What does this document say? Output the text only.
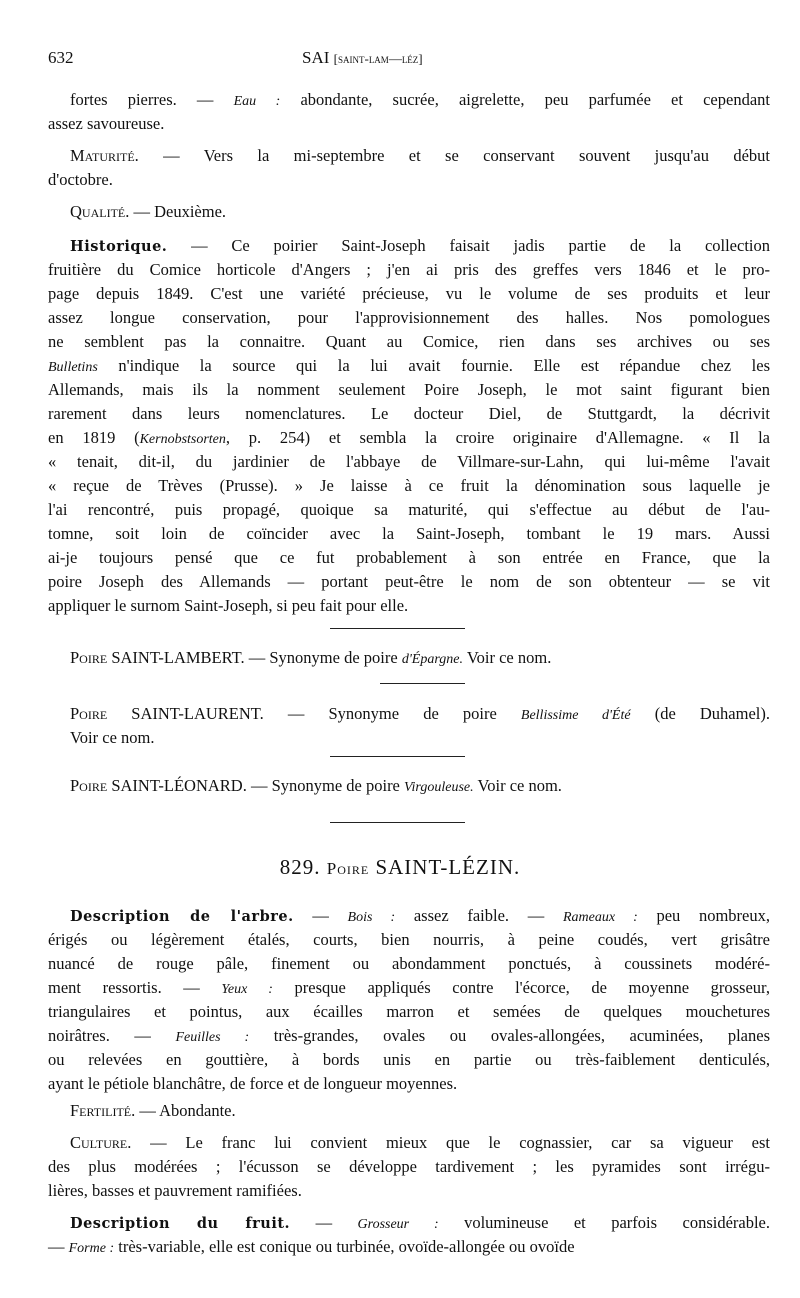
632	SAI [saint-lam—léz]
fortes pierres. — Eau : abondante, sucrée, aigrelette, peu parfumée et cependant
assez savoureuse.
Maturité. — Vers la mi-septembre et se conservant souvent jusqu'au début
d'octobre.
Qualité. — Deuxième.
Historique. — Ce poirier Saint-Joseph faisait jadis partie de la collection
fruitière du Comice horticole d'Angers ; j'en ai pris des greffes vers 1846 et le pro-
page depuis 1849. C'est une variété précieuse, vu le volume de ses produits et leur
assez longue conservation, pour l'approvisionnement des halles. Nos pomologues
ne semblent pas la connaitre. Quant au Comice, rien dans ses archives ou ses
Bulletins n'indique la source qui la lui avait fournie. Elle est répandue chez les
Allemands, mais ils la nomment seulement Poire Joseph, le mot saint figurant bien
rarement dans leurs nomenclatures. Le docteur Diel, de Stuttgardt, la décrivit
en 1819 (Kernobstsorten, p. 254) et sembla la croire originaire d'Allemagne. « Il la
« tenait, dit-il, du jardinier de l'abbaye de Villmare-sur-Lahn, qui lui-même l'avait
« reçue de Trèves (Prusse). » Je laisse à ce fruit la dénomination sous laquelle je
l'ai rencontré, puis propagé, quoique sa maturité, qui s'effectue au début de l'au-
tomne, soit loin de coïncider avec la Saint-Joseph, tombant le 19 mars. Aussi
ai-je toujours pensé que ce fut probablement à son entrée en France, que la
poire Joseph des Allemands — portant peut-être le nom de son obtenteur — se vit
appliquer le surnom Saint-Joseph, si peu fait pour elle.
Poire SAINT-LAMBERT. — Synonyme de poire d'Épargne. Voir ce nom.
Poire SAINT-LAURENT. — Synonyme de poire Bellissime d'Été (de Duhamel).
Voir ce nom.
Poire SAINT-LÉONARD. — Synonyme de poire Virgouleuse. Voir ce nom.
829. Poire SAINT-LÉZIN.
Description de l'arbre. — Bois : assez faible. — Rameaux : peu nombreux,
érigés ou légèrement étalés, courts, bien nourris, à peine coudés, vert grisâtre
nuancé de rouge pâle, finement ou abondamment ponctués, à coussinets modéré-
ment ressortis. — Yeux : presque appliqués contre l'écorce, de moyenne grosseur,
triangulaires et pointus, aux écailles marron et semées de quelques mouchetures
noirâtres. — Feuilles : très-grandes, ovales ou ovales-allongées, acuminées, planes
ou relevées en gouttière, à bords unis en partie ou très-faiblement denticulés,
ayant le pétiole blanchâtre, de force et de longueur moyennes.
Fertilité. — Abondante.
Culture. — Le franc lui convient mieux que le cognassier, car sa vigueur est
des plus modérées ; l'écusson se développe tardivement ; les pyramides sont irrégu-
lières, basses et pauvrement ramifiées.
Description du fruit. — Grosseur : volumineuse et parfois considérable.
— Forme : très-variable, elle est conique ou turbinée, ovoïde-allongée ou ovoïde
